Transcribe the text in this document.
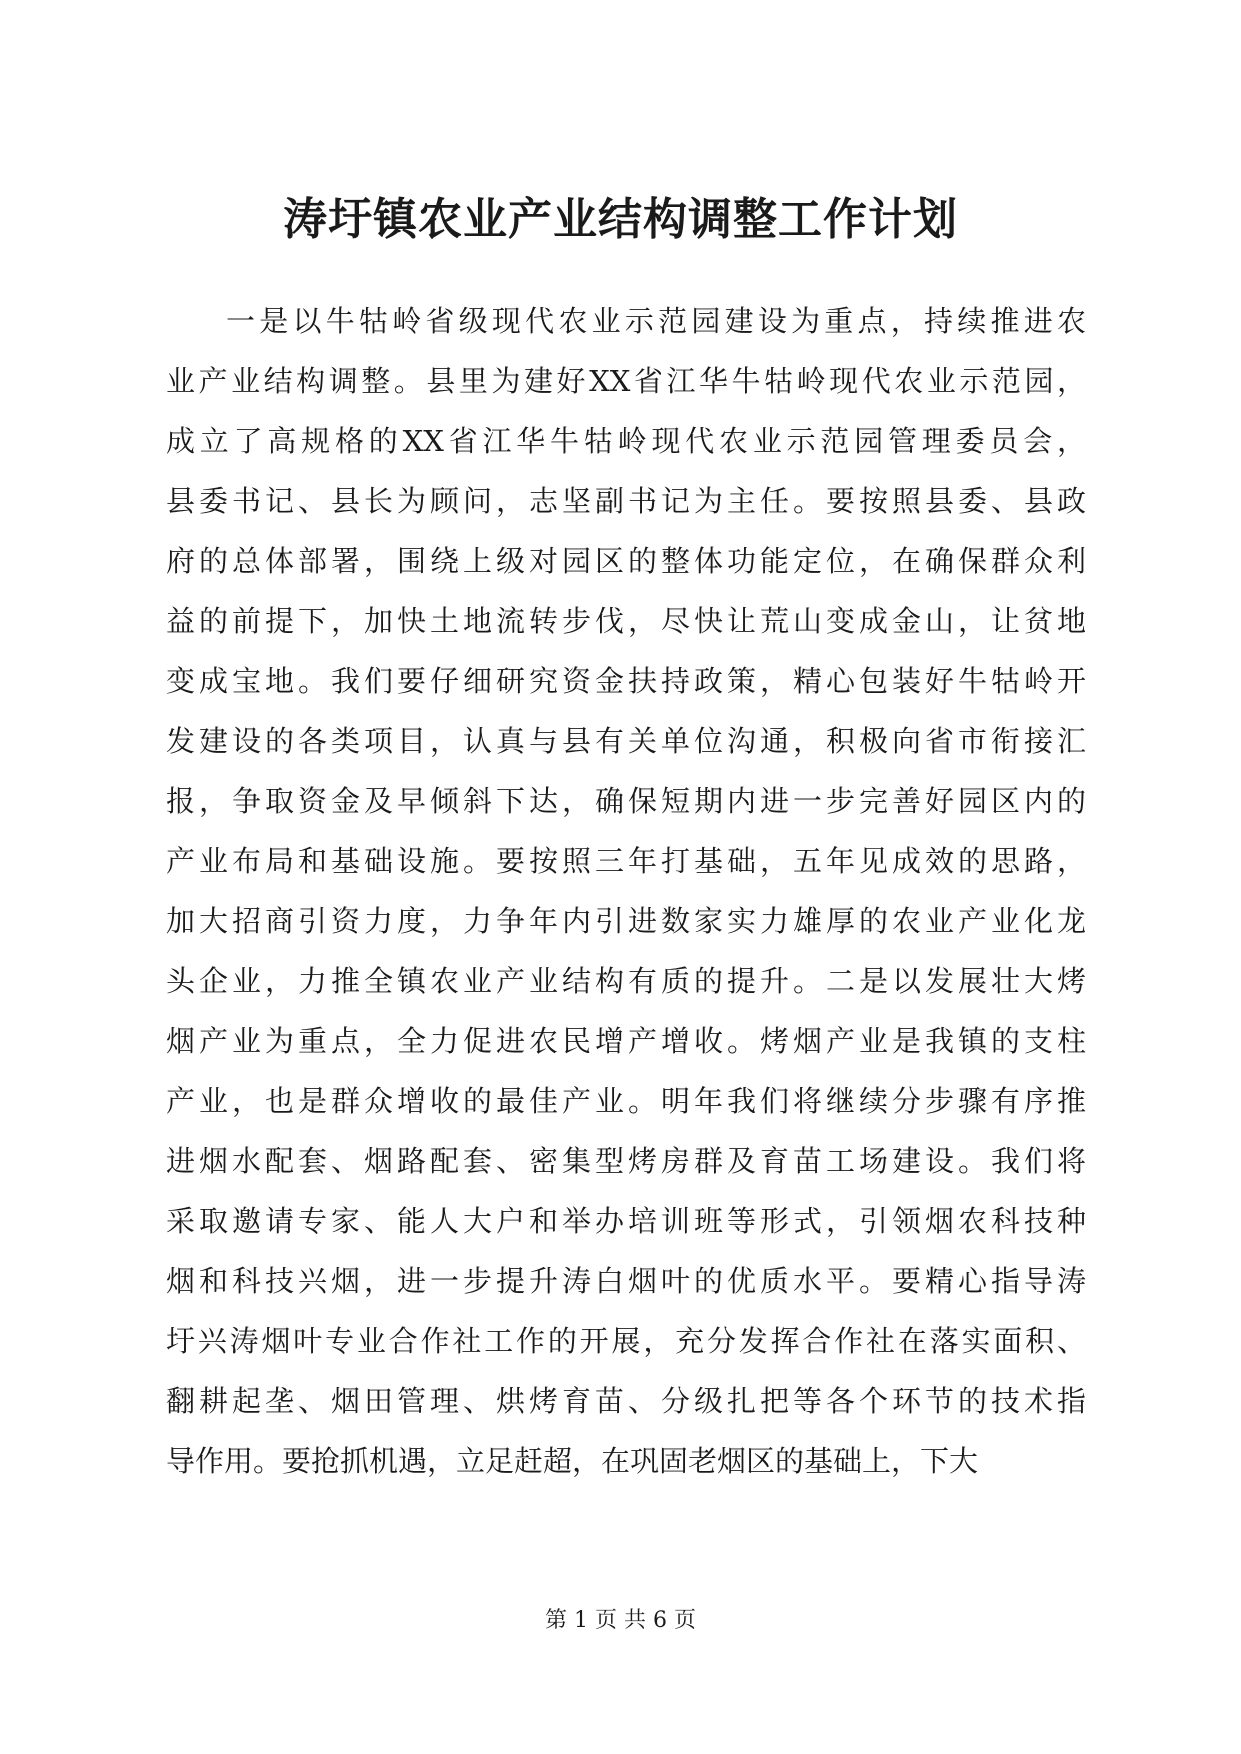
涛圩镇农业产业结构调整工作计划
一是以牛牯岭省级现代农业示范园建设为重点，持续推进农
业产业结构调整。县里为建好XX省江华牛牯岭现代农业示范园，
成立了高规格的XX省江华牛牯岭现代农业示范园管理委员会，
县委书记、县长为顾问，志坚副书记为主任。要按照县委、县政
府的总体部署，围绕上级对园区的整体功能定位，在确保群众利
益的前提下，加快土地流转步伐，尽快让荒山变成金山，让贫地
变成宝地。我们要仔细研究资金扶持政策，精心包装好牛牯岭开
发建设的各类项目，认真与县有关单位沟通，积极向省市衔接汇
报，争取资金及早倾斜下达，确保短期内进一步完善好园区内的
产业布局和基础设施。要按照三年打基础，五年见成效的思路，
加大招商引资力度，力争年内引进数家实力雄厚的农业产业化龙
头企业，力推全镇农业产业结构有质的提升。二是以发展壮大烤
烟产业为重点，全力促进农民增产增收。烤烟产业是我镇的支柱
产业，也是群众增收的最佳产业。明年我们将继续分步骤有序推
进烟水配套、烟路配套、密集型烤房群及育苗工场建设。我们将
采取邀请专家、能人大户和举办培训班等形式，引领烟农科技种
烟和科技兴烟，进一步提升涛白烟叶的优质水平。要精心指导涛
圩兴涛烟叶专业合作社工作的开展，充分发挥合作社在落实面积、
翻耕起垄、烟田管理、烘烤育苗、分级扎把等各个环节的技术指
导作用。要抢抓机遇，立足赶超，在巩固老烟区的基础上，下大
第 1 页 共 6 页
